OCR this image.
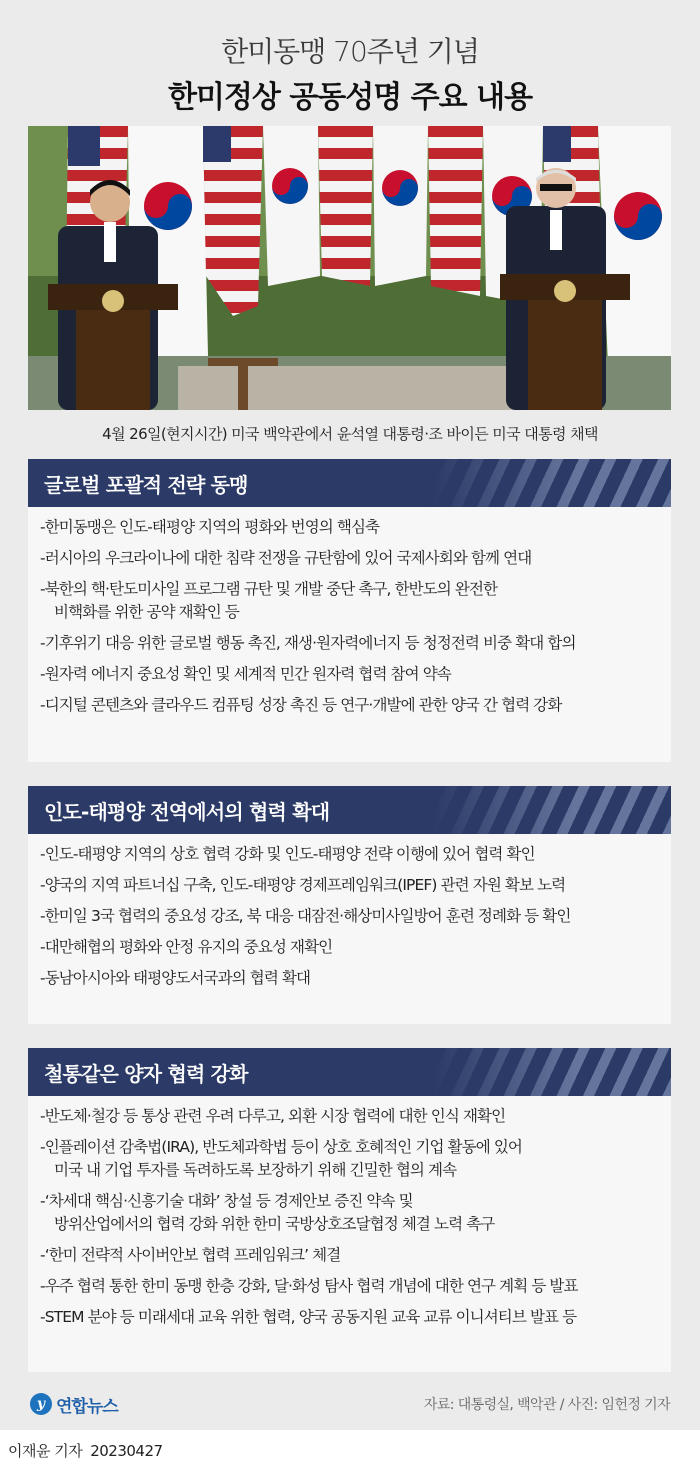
한미동맹 70주년 기념
한미정상 공동성명 주요 내용
4월 26일(현지시간) 미국 백악관에서 윤석열 대통령·조 바이든 미국 대통령 채택
글로벌 포괄적 전략 동맹
-한미동맹은 인도-태평양 지역의 평화와 번영의 핵심축
-러시아의 우크라이나에 대한 침략 전쟁을 규탄함에 있어 국제사회와 함께 연대
-북한의 핵·탄도미사일 프로그램 규탄 및 개발 중단 촉구, 한반도의 완전한
비핵화를 위한 공약 재확인 등
-기후위기 대응 위한 글로벌 행동 촉진, 재생·원자력에너지 등 청정전력 비중 확대 합의
-원자력 에너지 중요성 확인 및 세계적 민간 원자력 협력 참여 약속
-디지털 콘텐츠와 클라우드 컴퓨팅 성장 촉진 등 연구·개발에 관한 양국 간 협력 강화
인도-태평양 전역에서의 협력 확대
-인도-태평양 지역의 상호 협력 강화 및 인도-태평양 전략 이행에 있어 협력 확인
-양국의 지역 파트너십 구축, 인도-태평양 경제프레임워크(IPEF) 관련 자원 확보 노력
-한미일 3국 협력의 중요성 강조, 북 대응 대잠전·해상미사일방어 훈련 정례화 등 확인
-대만해협의 평화와 안정 유지의 중요성 재확인
-동남아시아와 태평양도서국과의 협력 확대
철통같은 양자 협력 강화
-반도체·철강 등 통상 관련 우려 다루고, 외환 시장 협력에 대한 인식 재확인
-인플레이션 감축법(IRA), 반도체과학법 등이 상호 호혜적인 기업 활동에 있어
미국 내 기업 투자를 독려하도록 보장하기 위해 긴밀한 협의 계속
-‘차세대 핵심·신흥기술 대화’ 창설 등 경제안보 증진 약속 및
방위산업에서의 협력 강화 위한 한미 국방상호조달협정 체결 노력 촉구
-‘한미 전략적 사이버안보 협력 프레임워크’ 체결
-우주 협력 통한 한미 동맹 한층 강화, 달·화성 탐사 협력 개념에 대한 연구 계획 등 발표
-STEM 분야 등 미래세대 교육 위한 협력, 양국 공동지원 교육 교류 이니셔티브 발표 등
y 연합뉴스	자료: 대통령실, 백악관 / 사진: 임헌정 기자
이재윤 기자 20230427
